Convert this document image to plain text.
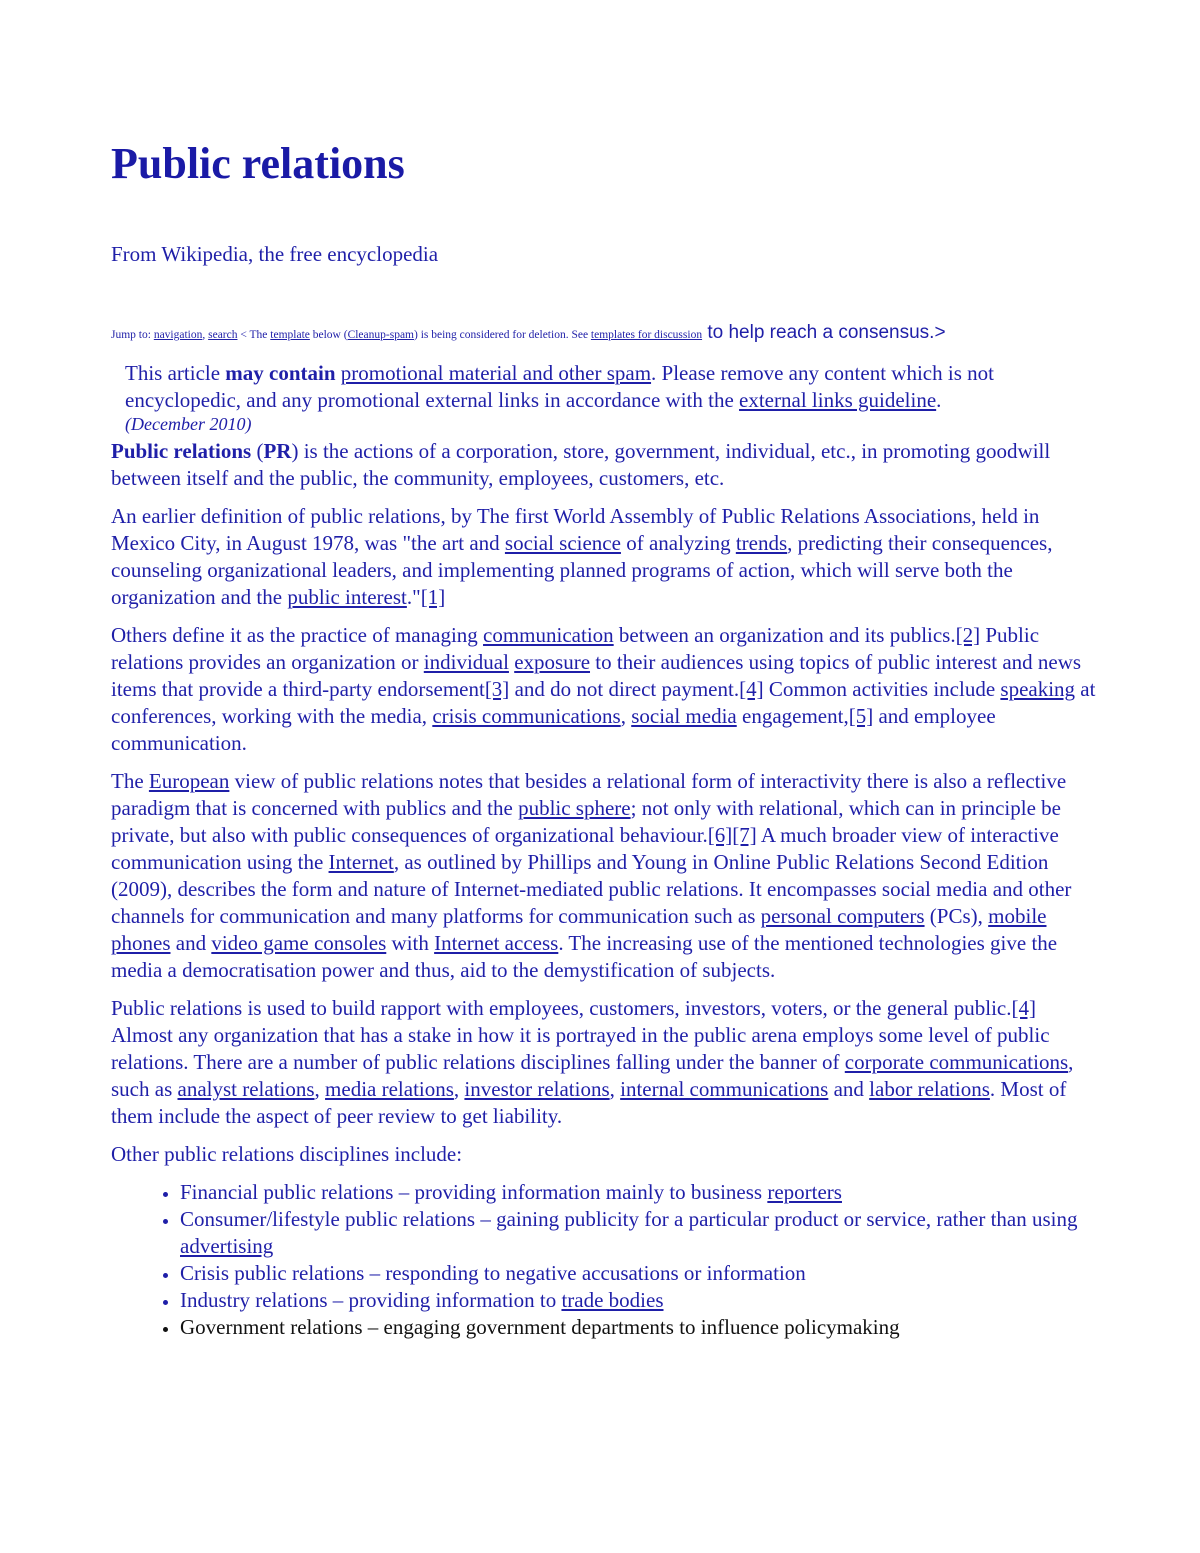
Public relations
From Wikipedia, the free encyclopedia
Jump to: navigation, search < The template below (Cleanup-spam) is being considered for deletion. See templates for discussion to help reach a consensus.>
This article may contain promotional material and other spam. Please remove any content which is not encyclopedic, and any promotional external links in accordance with the external links guideline.
(December 2010)

Public relations (PR) is the actions of a corporation, store, government, individual, etc., in promoting goodwill between itself and the public, the community, employees, customers, etc.

An earlier definition of public relations, by The first World Assembly of Public Relations Associations, held in Mexico City, in August 1978, was "the art and social science of analyzing trends, predicting their consequences, counseling organizational leaders, and implementing planned programs of action, which will serve both the organization and the public interest."[1]

Others define it as the practice of managing communication between an organization and its publics.[2] Public relations provides an organization or individual exposure to their audiences using topics of public interest and news items that provide a third-party endorsement[3] and do not direct payment.[4] Common activities include speaking at conferences, working with the media, crisis communications, social media engagement,[5] and employee communication.

The European view of public relations notes that besides a relational form of interactivity there is also a reflective paradigm that is concerned with publics and the public sphere; not only with relational, which can in principle be private, but also with public consequences of organizational behaviour.[6][7] A much broader view of interactive communication using the Internet, as outlined by Phillips and Young in Online Public Relations Second Edition (2009), describes the form and nature of Internet-mediated public relations. It encompasses social media and other channels for communication and many platforms for communication such as personal computers (PCs), mobile phones and video game consoles with Internet access. The increasing use of the mentioned technologies give the media a democratisation power and thus, aid to the demystification of subjects.

Public relations is used to build rapport with employees, customers, investors, voters, or the general public.[4] Almost any organization that has a stake in how it is portrayed in the public arena employs some level of public relations. There are a number of public relations disciplines falling under the banner of corporate communications, such as analyst relations, media relations, investor relations, internal communications and labor relations. Most of them include the aspect of peer review to get liability.

Other public relations disciplines include:

• Financial public relations – providing information mainly to business reporters
• Consumer/lifestyle public relations – gaining publicity for a particular product or service, rather than using advertising
• Crisis public relations – responding to negative accusations or information
• Industry relations – providing information to trade bodies
• Government relations – engaging government departments to influence policymaking
